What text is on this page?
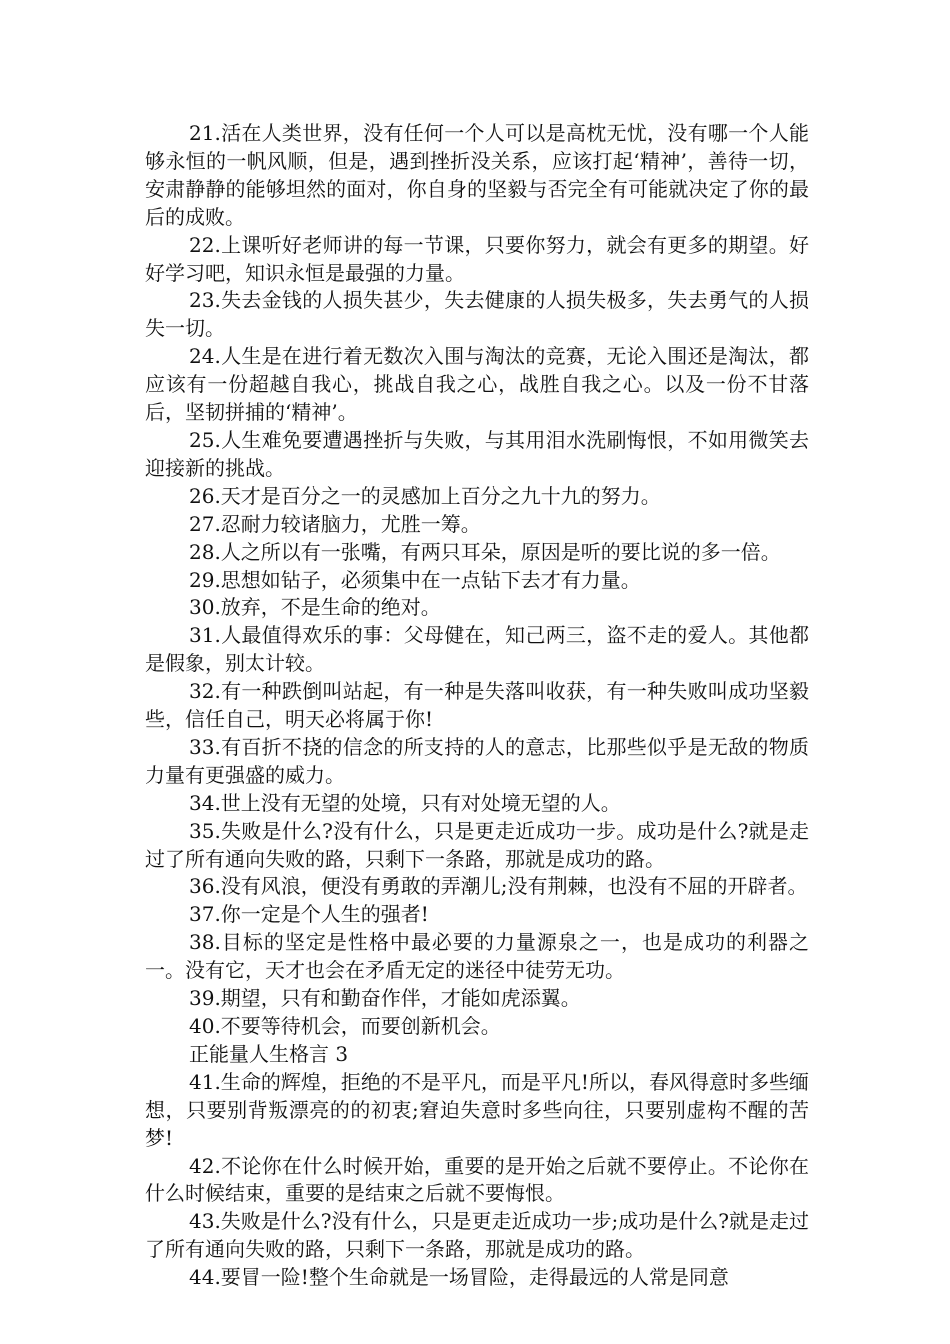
21.活在人类世界，没有任何一个人可以是高枕无忧，没有哪一个人能够永恒的一帆风顺，但是，遇到挫折没关系，应该打起‘精神’，善待一切，安肃静静的能够坦然的面对，你自身的坚毅与否完全有可能就决定了你的最后的成败。

22.上课听好老师讲的每一节课，只要你努力，就会有更多的期望。好好学习吧，知识永恒是最强的力量。

23.失去金钱的人损失甚少，失去健康的人损失极多，失去勇气的人损失一切。

24.人生是在进行着无数次入围与淘汰的竞赛，无论入围还是淘汰，都应该有一份超越自我心，挑战自我之心，战胜自我之心。以及一份不甘落后，坚韧拼捕的‘精神’。

25.人生难免要遭遇挫折与失败，与其用泪水洗刷悔恨，不如用微笑去迎接新的挑战。

26.天才是百分之一的灵感加上百分之九十九的努力。

27.忍耐力较诸脑力，尤胜一筹。

28.人之所以有一张嘴，有两只耳朵，原因是听的要比说的多一倍。

29.思想如钻子，必须集中在一点钻下去才有力量。

30.放弃，不是生命的绝对。

31.人最值得欢乐的事：父母健在，知己两三，盗不走的爱人。其他都是假象，别太计较。

32.有一种跌倒叫站起，有一种是失落叫收获，有一种失败叫成功坚毅些，信任自己，明天必将属于你!

33.有百折不挠的信念的所支持的人的意志，比那些似乎是无敌的物质力量有更强盛的威力。

34.世上没有无望的处境，只有对处境无望的人。

35.失败是什么?没有什么，只是更走近成功一步。成功是什么?就是走过了所有通向失败的路，只剩下一条路，那就是成功的路。

36.没有风浪，便没有勇敢的弄潮儿;没有荆棘，也没有不屈的开辟者。

37.你一定是个人生的强者!

38.目标的坚定是性格中最必要的力量源泉之一，也是成功的利器之一。没有它，天才也会在矛盾无定的迷径中徒劳无功。

39.期望，只有和勤奋作伴，才能如虎添翼。

40.不要等待机会，而要创新机会。

正能量人生格言 3

41.生命的辉煌，拒绝的不是平凡，而是平凡!所以，春风得意时多些缅想，只要别背叛漂亮的的初衷;窘迫失意时多些向往，只要别虚构不醒的苦梦!

42.不论你在什么时候开始，重要的是开始之后就不要停止。不论你在什么时候结束，重要的是结束之后就不要悔恨。

43.失败是什么?没有什么，只是更走近成功一步;成功是什么?就是走过了所有通向失败的路，只剩下一条路，那就是成功的路。

44.要冒一险!整个生命就是一场冒险，走得最远的人常是同意
